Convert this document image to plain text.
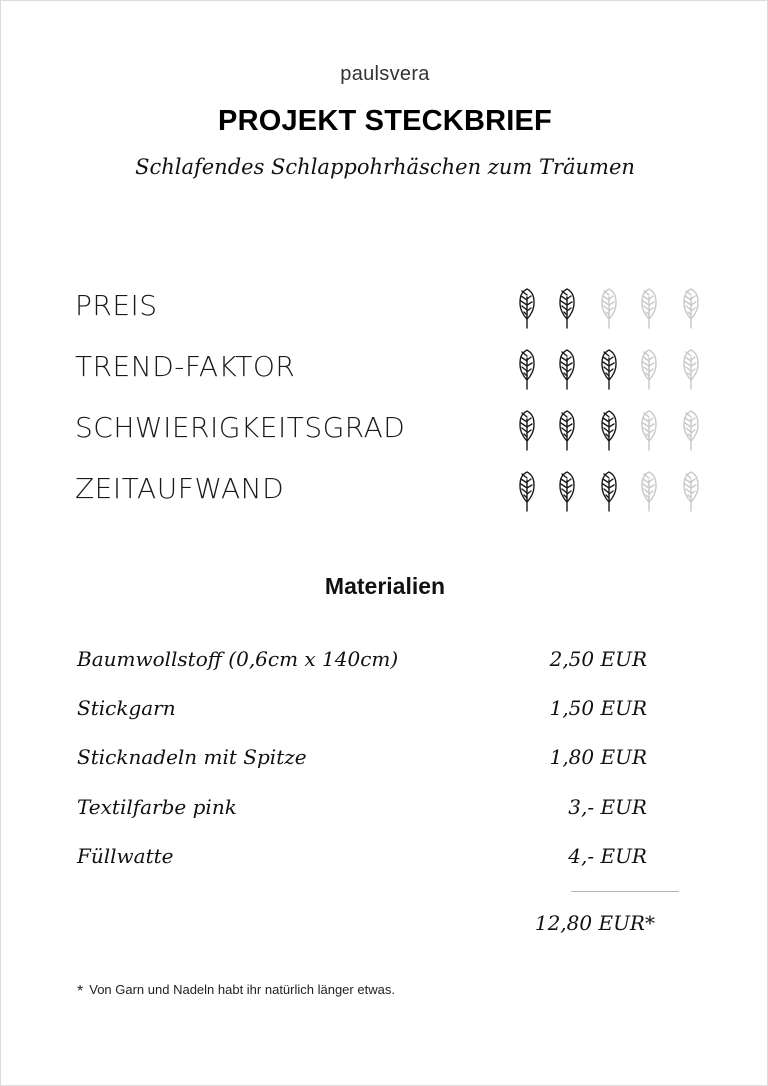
paulsvera
PROJEKT STECKBRIEF
Schlafendes Schlappohrhäschen zum Träumen
PREIS
TREND-FAKTOR
SCHWIERIGKEITSGRAD
ZEITAUFWAND
Materialien
Baumwollstoff (0,6cm x 140cm)	2,50 EUR
Stickgarn	1,50 EUR
Sticknadeln mit Spitze	1,80 EUR
Textilfarbe pink	3,- EUR
Füllwatte	4,- EUR
12,80 EUR*
* Von Garn und Nadeln habt ihr natürlich länger etwas.
